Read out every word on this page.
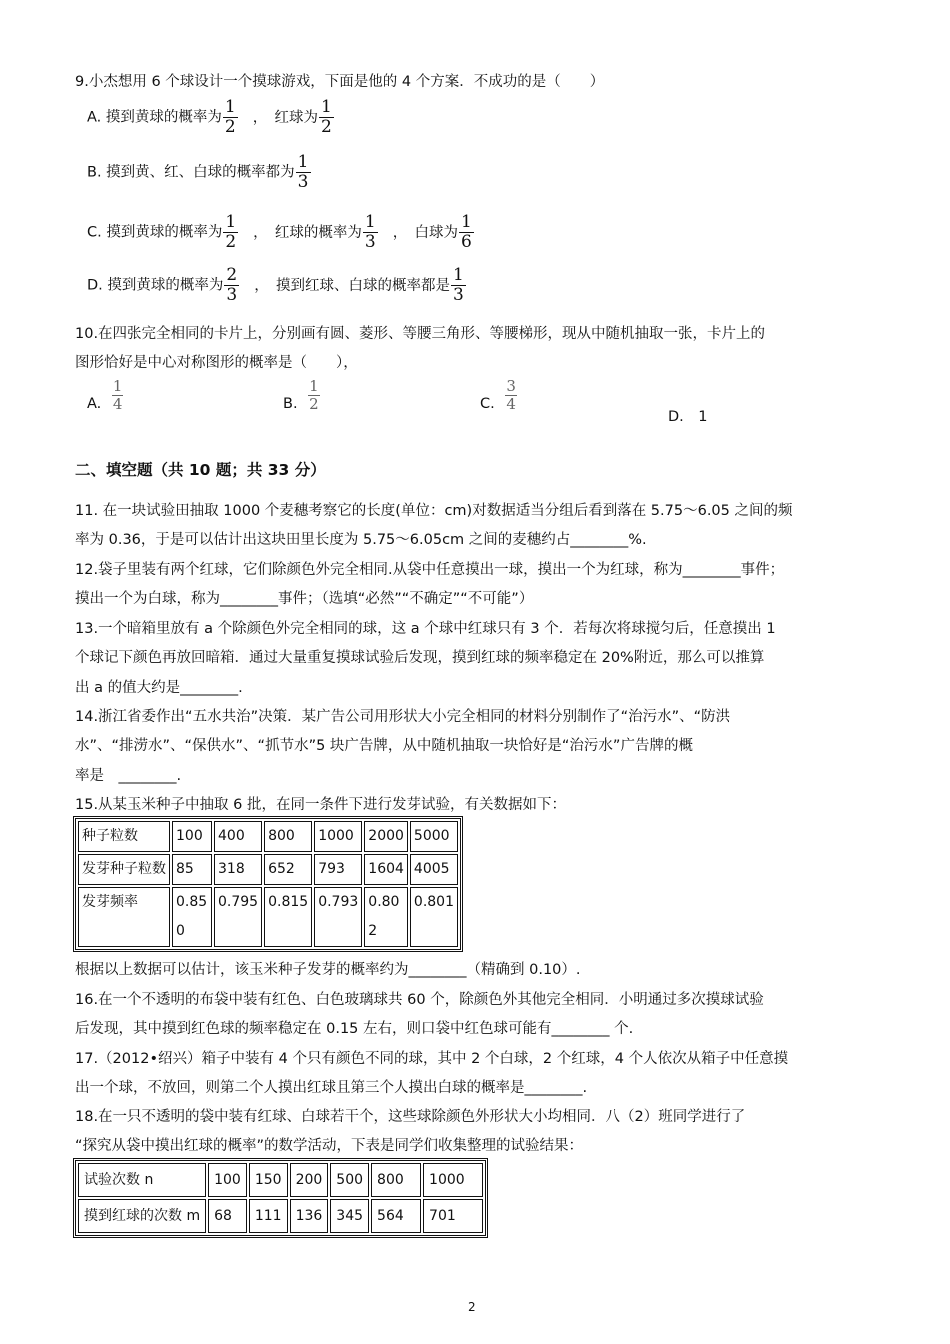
9.小杰想用 6 个球设计一个摸球游戏，下面是他的 4 个方案．不成功的是（　　）
A. 摸到黄球的概率为 $\frac{1}{2}$ ，　红球为 $\frac{1}{2}$
B. 摸到黄、红、白球的概率都为 $\frac{1}{3}$
C. 摸到黄球的概率为 $\frac{1}{2}$ ，　红球的概率为 $\frac{1}{3}$ ，　白球为 $\frac{1}{6}$
D. 摸到黄球的概率为 $\frac{2}{3}$ ，　摸到红球、白球的概率都是 $\frac{1}{3}$
10.在四张完全相同的卡片上，分别画有圆、菱形、等腰三角形、等腰梯形，现从中随机抽取一张，卡片上的
图形恰好是中心对称图形的概率是（　　），
A. $\frac{1}{4}$	B. $\frac{1}{2}$	C. $\frac{3}{4}$
D.　1
二、填空题（共 10 题；共 33 分）
11. 在一块试验田抽取 1000 个麦穗考察它的长度(单位：cm)对数据适当分组后看到落在 5.75～6.05 之间的频
率为 0.36，于是可以估计出这块田里长度为 5.75～6.05cm 之间的麦穗约占________%.
12.袋子里装有两个红球，它们除颜色外完全相同.从袋中任意摸出一球，摸出一个为红球，称为________事件；
摸出一个为白球，称为________事件；（选填“必然”“不确定”“不可能”）
13.一个暗箱里放有 a 个除颜色外完全相同的球，这 a 个球中红球只有 3 个．若每次将球搅匀后，任意摸出 1
个球记下颜色再放回暗箱．通过大量重复摸球试验后发现，摸到红球的频率稳定在 20%附近，那么可以推算
出 a 的值大约是________.
14.浙江省委作出“五水共治”决策．某广告公司用形状大小完全相同的材料分别制作了“治污水”、“防洪
水”、“排涝水”、“保供水”、“抓节水”5 块广告牌，从中随机抽取一块恰好是“治污水”广告牌的概
率是　________.
15.从某玉米种子中抽取 6 批，在同一条件下进行发芽试验，有关数据如下：
种子粒数	100	400	800	1000	2000	5000
发芽种子粒数	85	318	652	793	1604	4005
发芽频率	0.850	0.795	0.815	0.793	0.802	0.801
根据以上数据可以估计，该玉米种子发芽的概率约为________（精确到 0.10）.
16.在一个不透明的布袋中装有红色、白色玻璃球共 60 个，除颜色外其他完全相同．小明通过多次摸球试验
后发现，其中摸到红色球的频率稳定在 0.15 左右，则口袋中红色球可能有________ 个.
17.（2012•绍兴）箱子中装有 4 个只有颜色不同的球，其中 2 个白球，2 个红球，4 个人依次从箱子中任意摸
出一个球，不放回，则第二个人摸出红球且第三个人摸出白球的概率是________.
18.在一只不透明的袋中装有红球、白球若干个，这些球除颜色外形状大小均相同．八（2）班同学进行了
“探究从袋中摸出红球的概率”的数学活动，下表是同学们收集整理的试验结果：
试验次数 n	100	150	200	500	800	1000
摸到红球的次数 m	68	111	136	345	564	701
2
